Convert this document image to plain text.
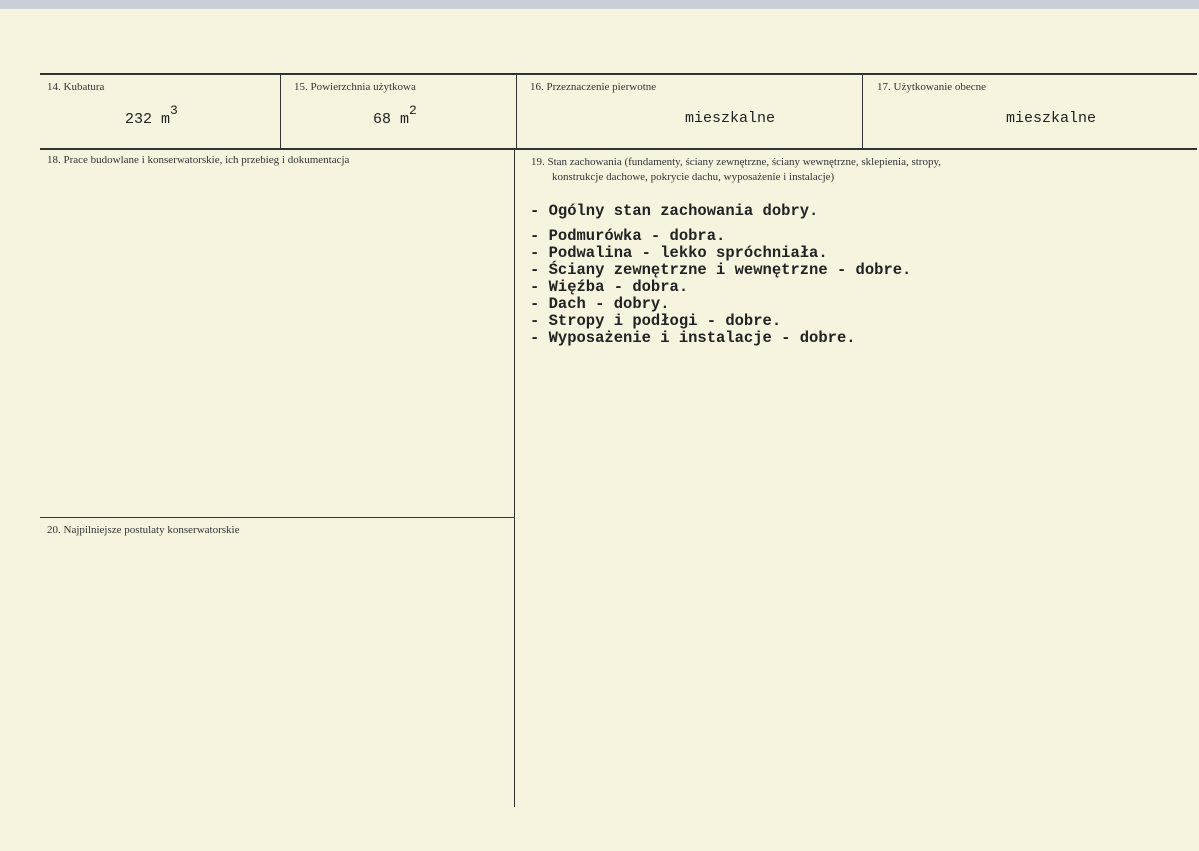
14. Kubatura
232 $m^3$
15. Powierzchnia użytkowa
68 $m^2$
16. Przeznaczenie pierwotne
mieszkalne
17. Użytkowanie obecne
mieszkalne
18. Prace budowlane i konserwatorskie, ich przebieg i dokumentacja	19. Stan zachowania (fundamenty, ściany zewnętrzne, ściany wewnętrzne, sklepienia, stropy,
konstrukcje dachowe, pokrycie dachu, wyposażenie i instalacje)
- Ogólny stan zachowania dobry.
- Podmurówka - dobra.
- Podwalina - lekko spróchniała.
- Ściany zewnętrzne i wewnętrzne - dobre.
- Więźba - dobra.
- Dach - dobry.
- Stropy i podłogi - dobre.
- Wyposażenie i instalacje - dobre.
20. Najpilniejsze postulaty konserwatorskie
